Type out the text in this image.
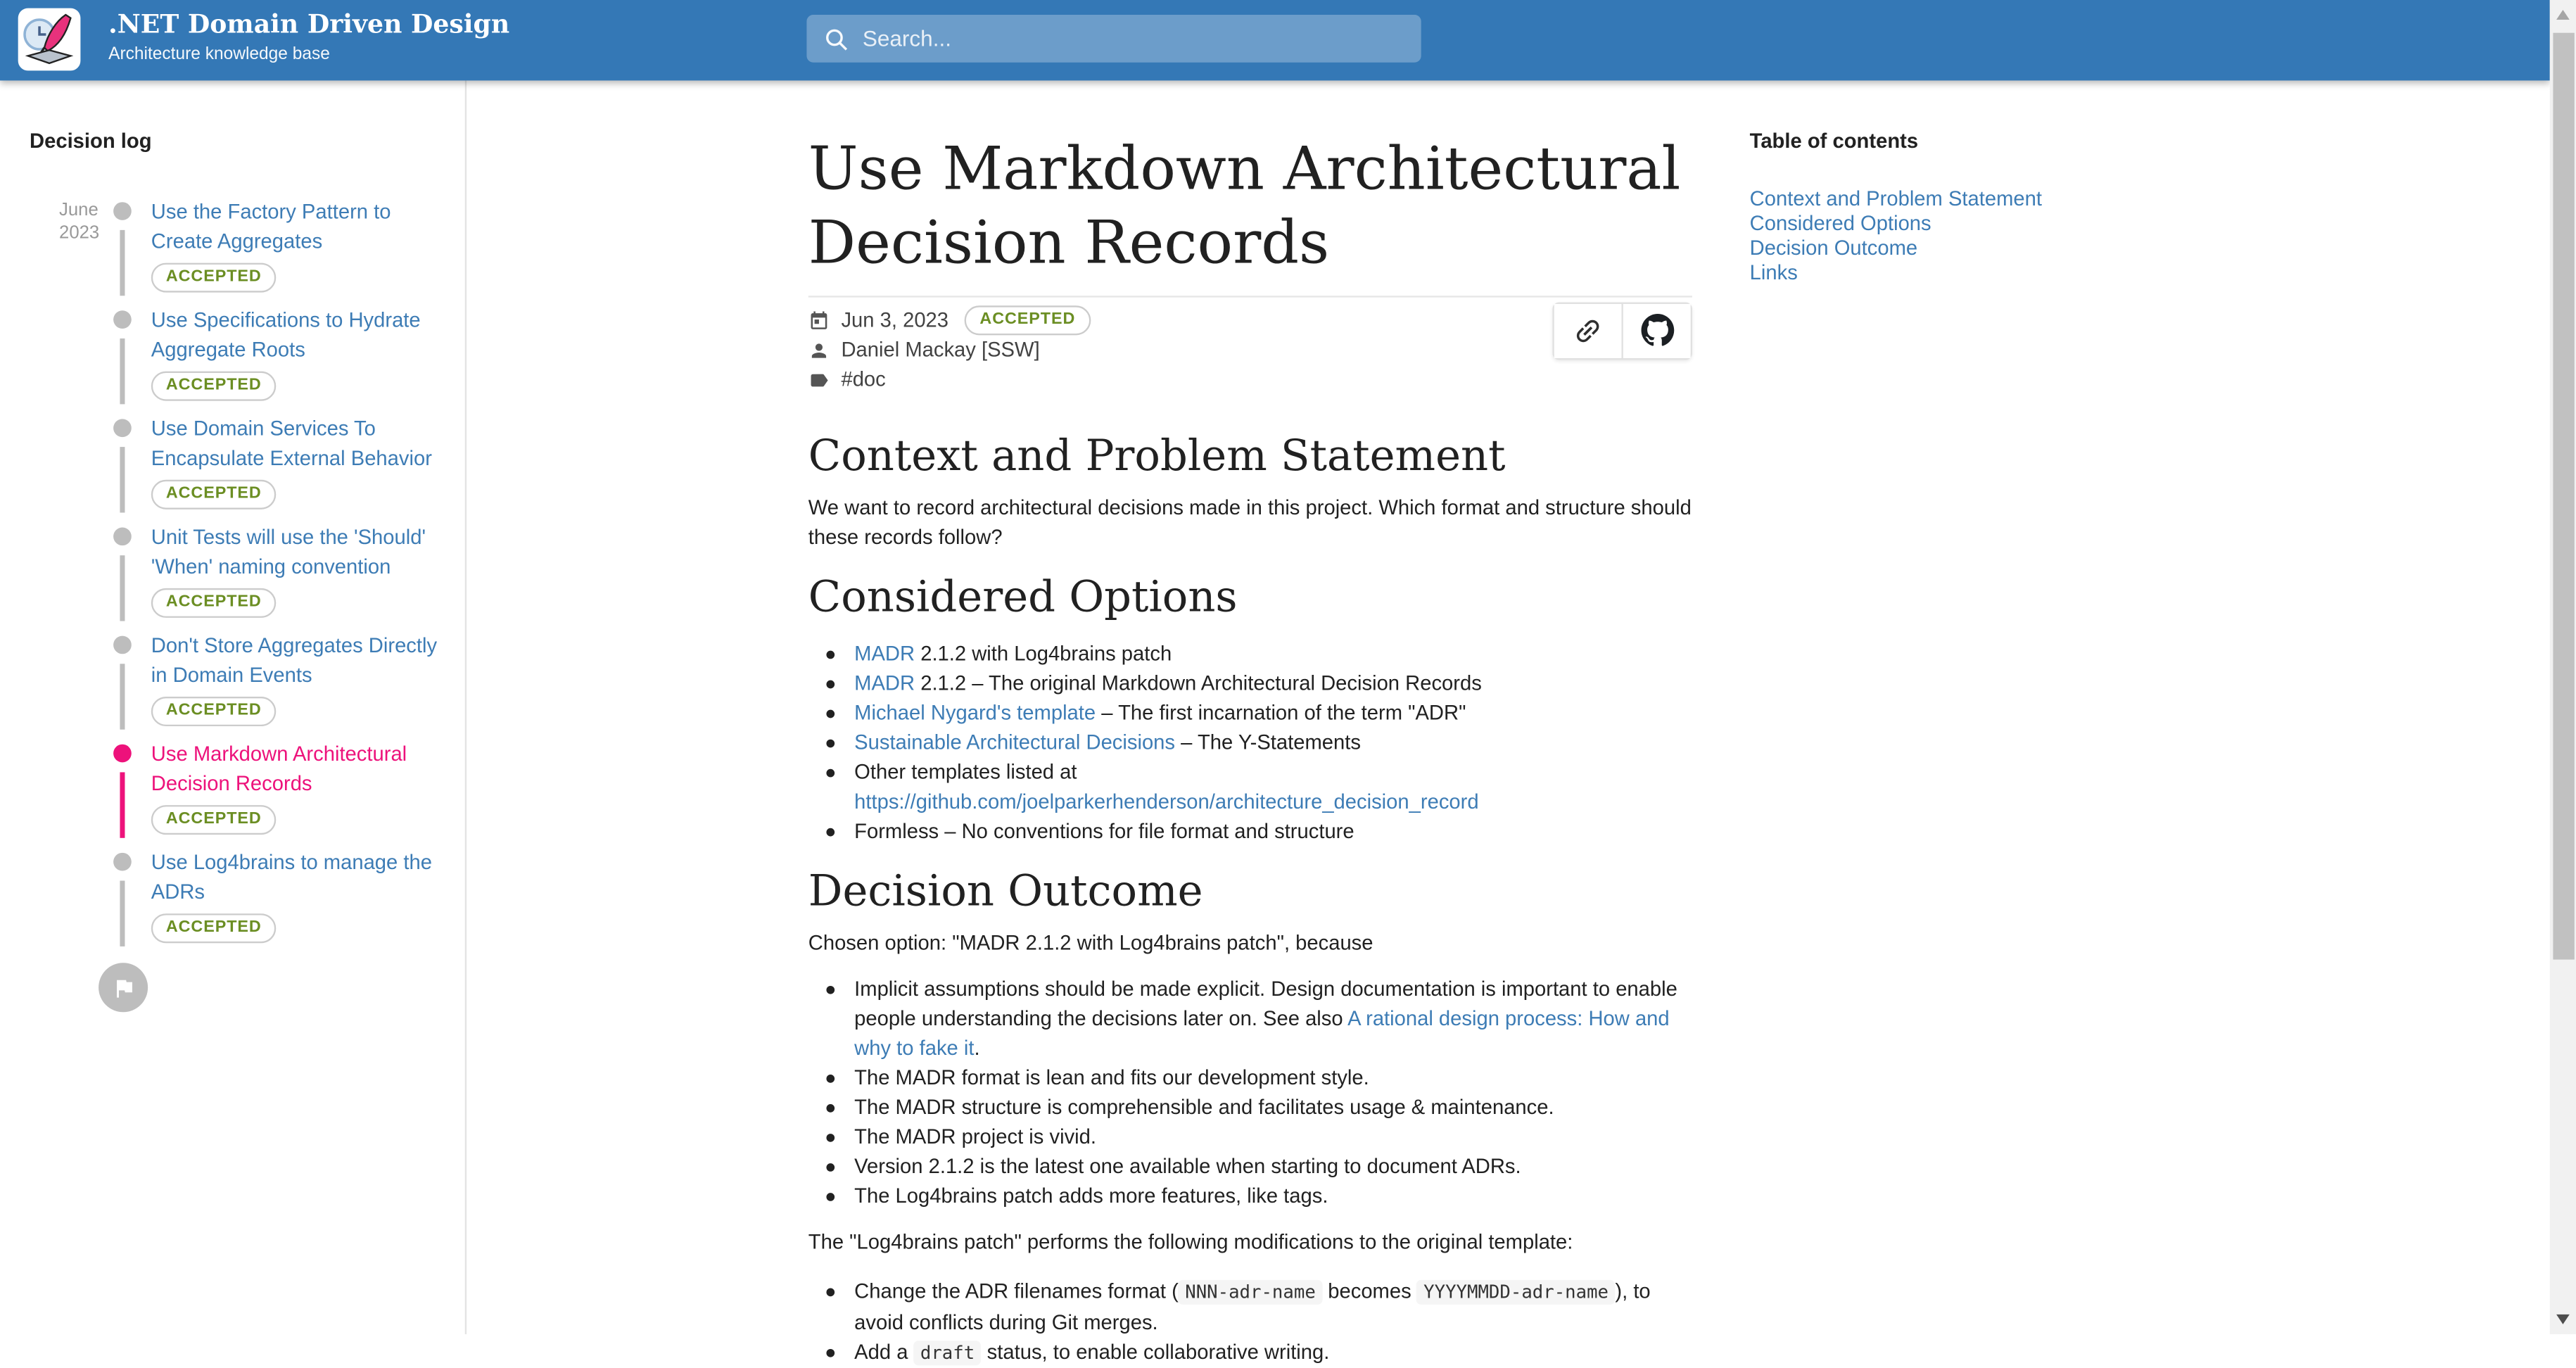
.NET Domain Driven Design
Architecture knowledge base
Search...
Decision log
June
2023
Use the Factory Pattern to Create Aggregates
ACCEPTED
Use Specifications to Hydrate Aggregate Roots
ACCEPTED
Use Domain Services To Encapsulate External Behavior
ACCEPTED
Unit Tests will use the 'Should' 'When' naming convention
ACCEPTED
Don't Store Aggregates Directly in Domain Events
ACCEPTED
Use Markdown Architectural Decision Records
ACCEPTED
Use Log4brains to manage the ADRs
ACCEPTED
Use Markdown Architectural Decision Records
Jun 3, 2023	ACCEPTED
Daniel Mackay [SSW]
#doc
Context and Problem Statement

We want to record architectural decisions made in this project. Which format and structure should these records follow?

Considered Options
MADR 2.1.2 with Log4brains patch
MADR 2.1.2 – The original Markdown Architectural Decision Records
Michael Nygard's template – The first incarnation of the term "ADR"
Sustainable Architectural Decisions – The Y-Statements
Other templates listed at https://github.com/joelparkerhenderson/architecture_decision_record
Formless – No conventions for file format and structure
Decision Outcome

Chosen option: "MADR 2.1.2 with Log4brains patch", because

Implicit assumptions should be made explicit. Design documentation is important to enable people understanding the decisions later on. See also A rational design process: How and why to fake it.
The MADR format is lean and fits our development style.
The MADR structure is comprehensible and facilitates usage & maintenance.
The MADR project is vivid.
Version 2.1.2 is the latest one available when starting to document ADRs.
The Log4brains patch adds more features, like tags.

The "Log4brains patch" performs the following modifications to the original template:

Change the ADR filenames format ( NNN-adr-name becomes YYYYMMDD-adr-name ), to avoid conflicts during Git merges.
Add a draft status, to enable collaborative writing.
Table of contents
Context and Problem Statement
Considered Options
Decision Outcome
Links
